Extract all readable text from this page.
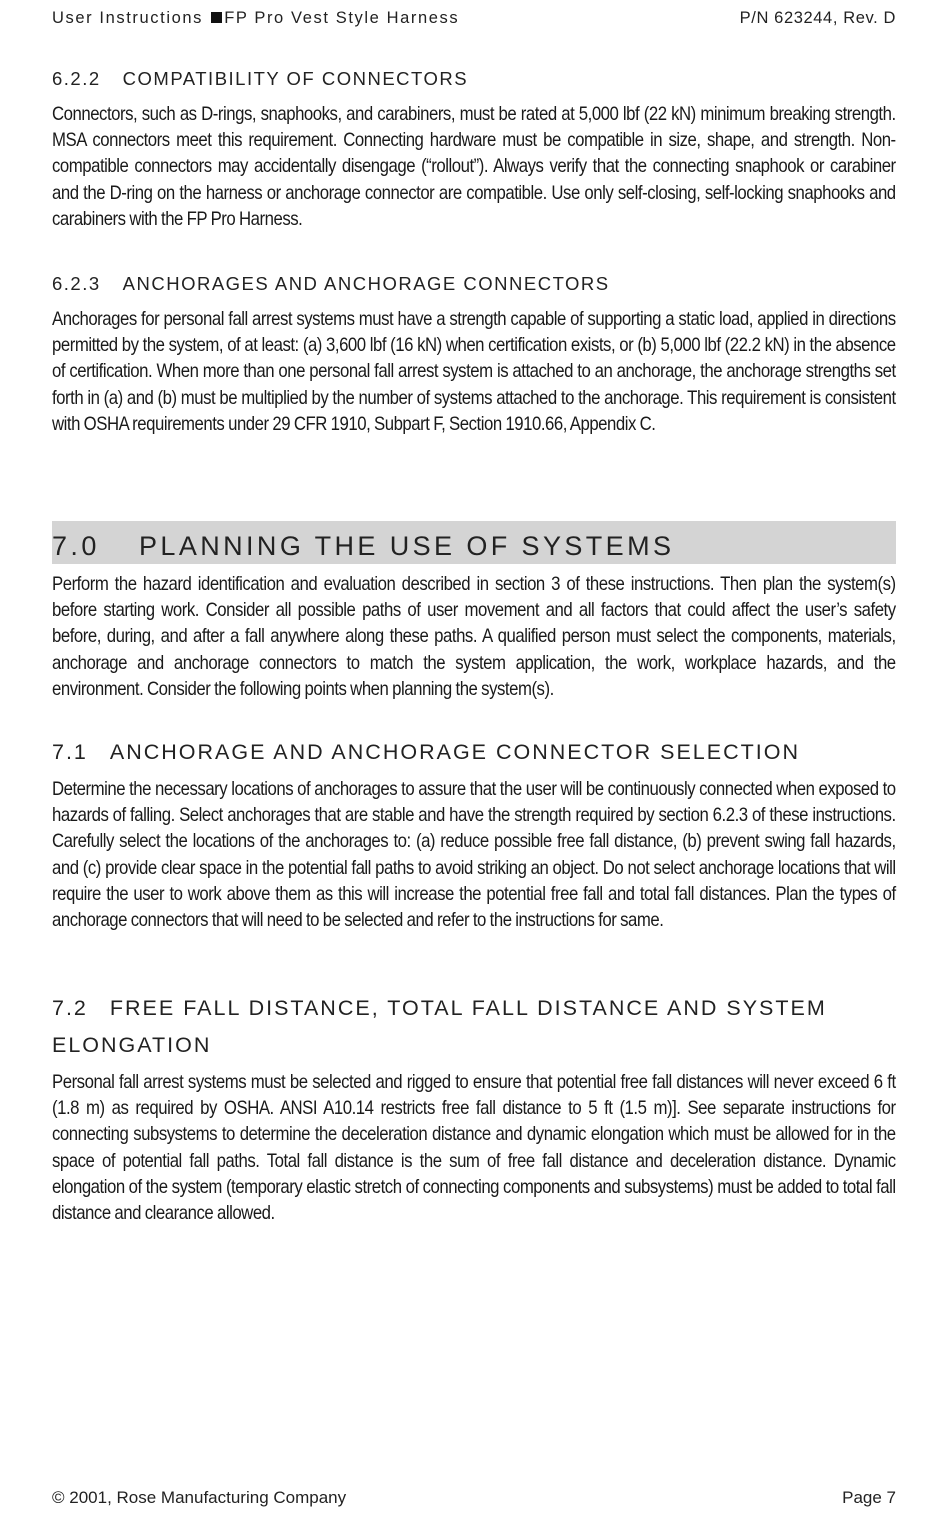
User Instructions FP Pro Vest Style Harness	P/N 623244, Rev. D
6.2.2 COMPATIBILITY OF CONNECTORS

Connectors, such as D-rings, snaphooks, and carabiners, must be rated at 5,000 lbf (22 kN) minimum breaking strength. MSA connectors meet this requirement. Connecting hardware must be compatible in size, shape, and strength. Non-compatible connectors may accidentally disengage (“rollout”). Always verify that the connecting snaphook or carabiner and the D-ring on the harness or anchorage connector are compatible. Use only self-closing, self-locking snaphooks and carabiners with the FP Pro Harness.

6.2.3 ANCHORAGES AND ANCHORAGE CONNECTORS

Anchorages for personal fall arrest systems must have a strength capable of supporting a static load, applied in directions permitted by the system, of at least: (a) 3,600 lbf (16 kN) when certification exists, or (b) 5,000 lbf (22.2 kN) in the absence of certification. When more than one personal fall arrest system is attached to an anchorage, the anchorage strengths set forth in (a) and (b) must be multiplied by the number of systems attached to the anchorage. This requirement is consistent with OSHA requirements under 29 CFR 1910, Subpart F, Section 1910.66, Appendix C.

7.0 PLANNING THE USE OF SYSTEMS

Perform the hazard identification and evaluation described in section 3 of these instructions. Then plan the system(s) before starting work. Consider all possible paths of user movement and all factors that could affect the user’s safety before, during, and after a fall anywhere along these paths. A qualified person must select the components, materials, anchorage and anchorage connectors to match the system application, the work, workplace hazards, and the environment. Consider the following points when planning the system(s).

7.1 ANCHORAGE AND ANCHORAGE CONNECTOR SELECTION

Determine the necessary locations of anchorages to assure that the user will be continuously connected when exposed to hazards of falling. Select anchorages that are stable and have the strength required by section 6.2.3 of these instructions. Carefully select the locations of the anchorages to: (a) reduce possible free fall distance, (b) prevent swing fall hazards, and (c) provide clear space in the potential fall paths to avoid striking an object. Do not select anchorage locations that will require the user to work above them as this will increase the potential free fall and total fall distances. Plan the types of anchorage connectors that will need to be selected and refer to the instructions for same.

7.2 FREE FALL DISTANCE, TOTAL FALL DISTANCE AND SYSTEM ELONGATION

Personal fall arrest systems must be selected and rigged to ensure that potential free fall distances will never exceed 6 ft (1.8 m) as required by OSHA. ANSI A10.14 restricts free fall distance to 5 ft (1.5 m)]. See separate instructions for connecting subsystems to determine the deceleration distance and dynamic elongation which must be allowed for in the space of potential fall paths. Total fall distance is the sum of free fall distance and deceleration distance. Dynamic elongation of the system (temporary elastic stretch of connecting components and subsystems) must be added to total fall distance and clearance allowed.

© 2001, Rose Manufacturing Company	Page 7
